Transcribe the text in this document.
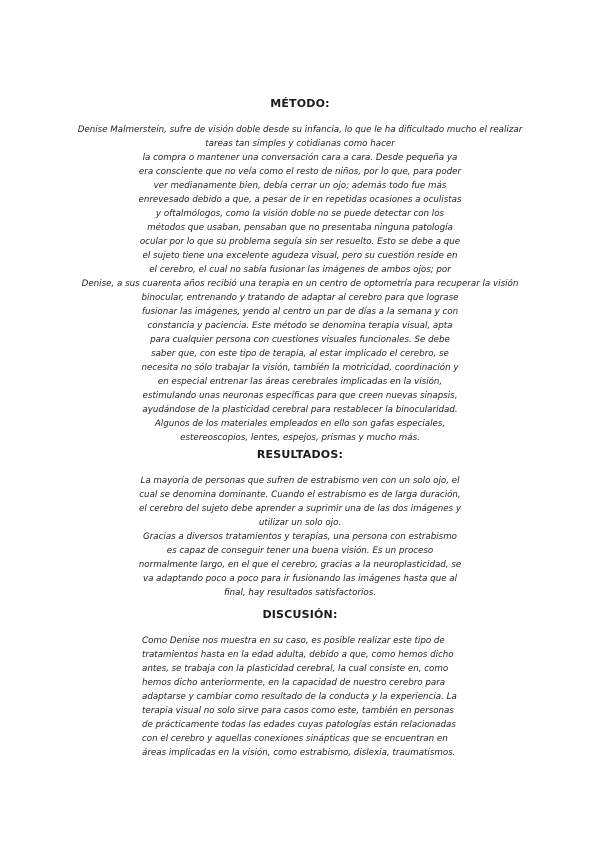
MÉTODO:

Denise Malmerstein, sufre de visión doble desde su infancia, lo que le ha dificultado mucho el realizar

tareas tan simples y cotidianas como hacer

la compra o mantener una conversación cara a cara. Desde pequeña ya

era consciente que no veía como el resto de niños, por lo que, para poder

ver medianamente bien, debía cerrar un ojo; además todo fue más

enrevesado debido a que, a pesar de ir en repetidas ocasiones a oculistas

y oftalmólogos, como la visión doble no se puede detectar con los

métodos que usaban, pensaban que no presentaba ninguna patología

ocular por lo que su problema seguía sin ser resuelto. Esto se debe a que

el sujeto tiene una excelente agudeza visual, pero su cuestión reside en

el cerebro, el cual no sabía fusionar las imágenes de ambos ojos; por

Denise, a sus cuarenta años recibió una terapia en un centro de optometría para recuperar la visión

binocular, entrenando y tratando de adaptar al cerebro para que lograse

fusionar las imágenes, yendo al centro un par de días a la semana y con

constancia y paciencia. Este método se denomina terapia visual, apta

para cualquier persona con cuestiones visuales funcionales. Se debe

saber que, con este tipo de terapia, al estar implicado el cerebro, se

necesita no sólo trabajar la visión, también la motricidad, coordinación y

en especial entrenar las áreas cerebrales implicadas en la visión,

estimulando unas neuronas específicas para que creen nuevas sinapsis,

ayudándose de la plasticidad cerebral para restablecer la binocularidad.

Algunos de los materiales empleados en ello son gafas especiales,

estereoscopios, lentes, espejos, prismas y mucho más.

RESULTADOS:

La mayoría de personas que sufren de estrabismo ven con un solo ojo, el

cual se denomina dominante. Cuando el estrabismo es de larga duración,

el cerebro del sujeto debe aprender a suprimir una de las dos imágenes y

utilizar un solo ojo.

Gracias a diversos tratamientos y terapias, una persona con estrabismo

es capaz de conseguir tener una buena visión. Es un proceso

normalmente largo, en el que el cerebro, gracias a la neuroplasticidad, se

va adaptando poco a poco para ir fusionando las imágenes hasta que al

final, hay resultados satisfactorios.

DISCUSIÓN:

Como Denise nos muestra en su caso, es posible realizar este tipo de

tratamientos hasta en la edad adulta, debido a que, como hemos dicho

antes, se trabaja con la plasticidad cerebral, la cual consiste en, como

hemos dicho anteriormente, en la capacidad de nuestro cerebro para

adaptarse y cambiar como resultado de la conducta y la experiencia. La

terapia visual no solo sirve para casos como este, también en personas

de prácticamente todas las edades cuyas patologías están relacionadas

con el cerebro y aquellas conexiones sinápticas que se encuentran en

áreas implicadas en la visión, como estrabismo, dislexia, traumatismos.
